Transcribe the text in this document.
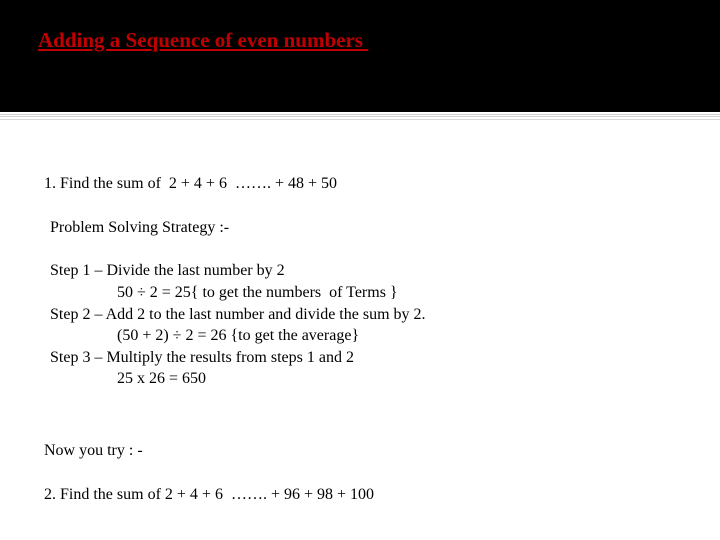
Adding a Sequence of even numbers
1. Find the sum of  2 + 4 + 6  ……. + 48 + 50
Problem Solving Strategy :-
Step 1 – Divide the last number by 2
50 ÷ 2 = 25{ to get the numbers  of Terms }
Step 2 – Add 2 to the last number and divide the sum by 2.
(50 + 2) ÷ 2 = 26 {to get the average}
Step 3 – Multiply the results from steps 1 and 2
25 x 26 = 650
Now you try : -
2. Find the sum of 2 + 4 + 6  ……. + 96 + 98 + 100
